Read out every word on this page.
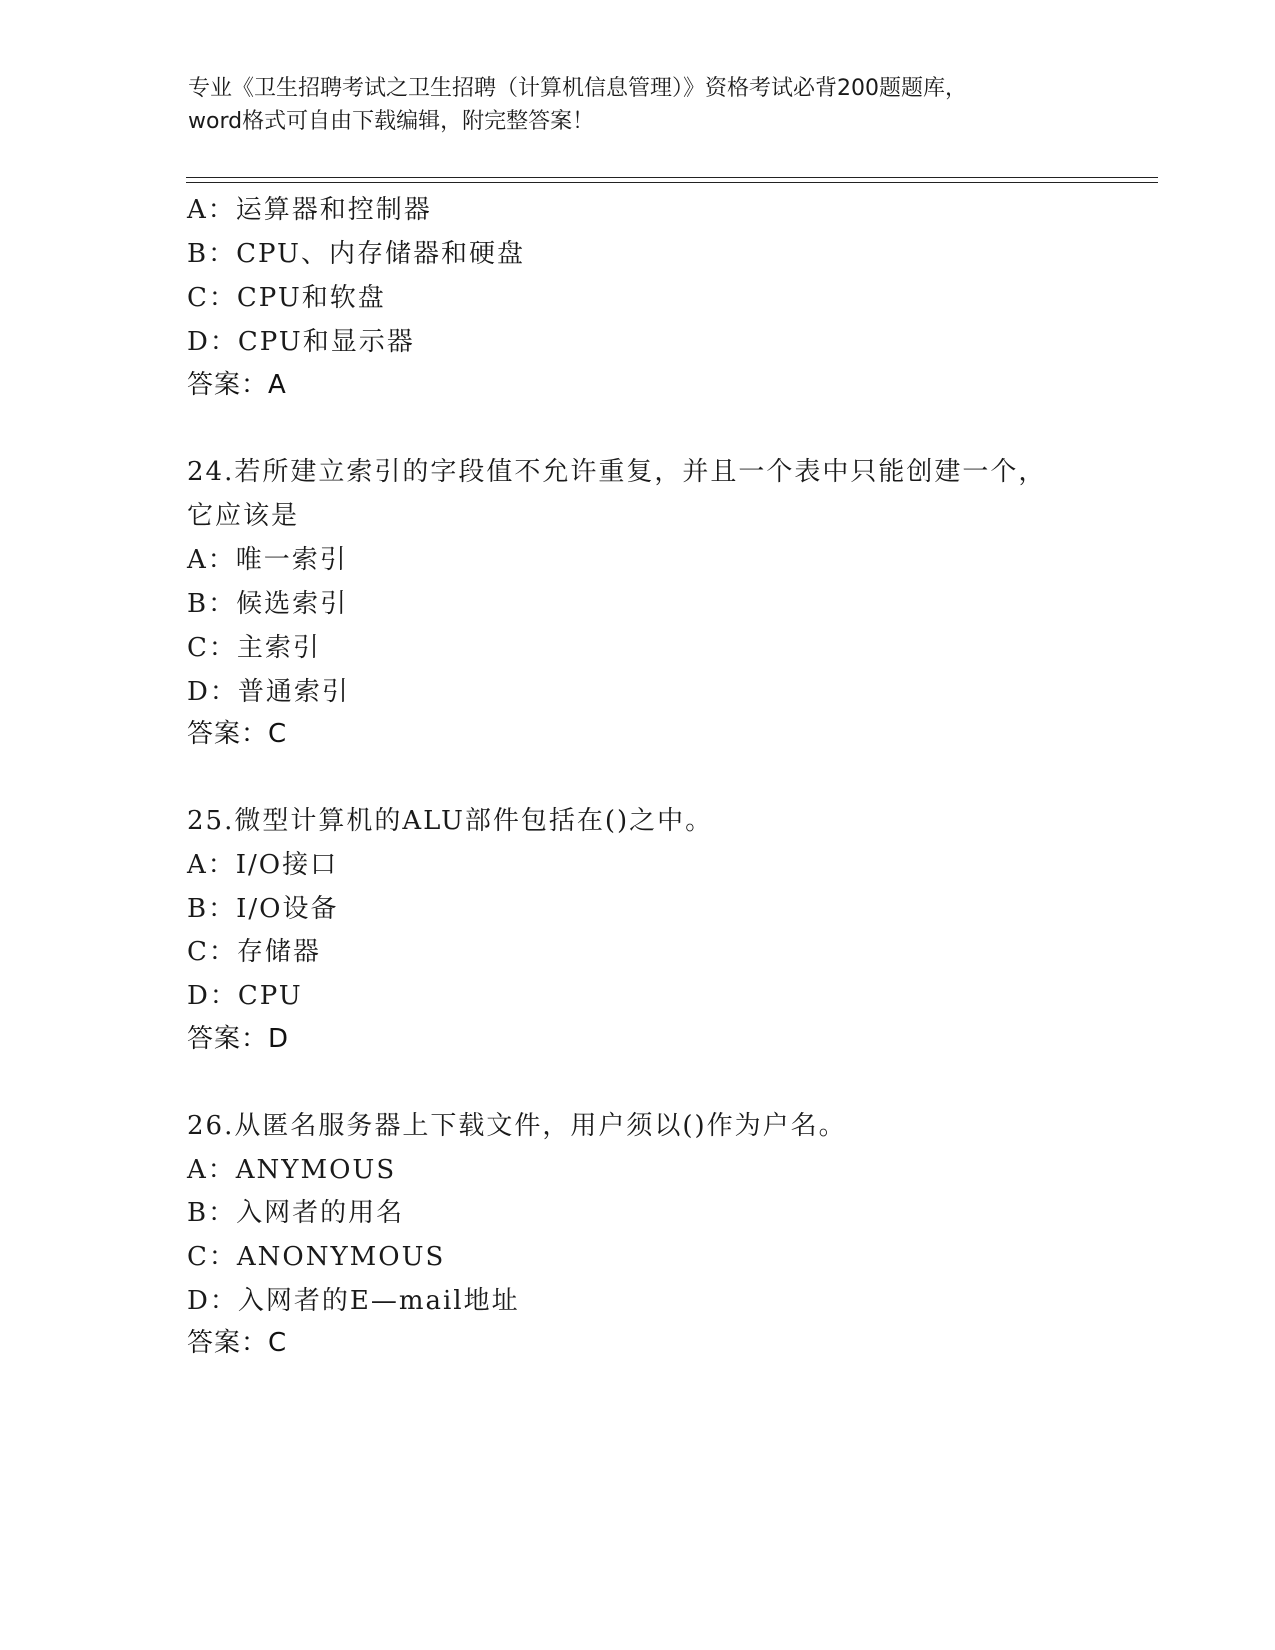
专业《卫生招聘考试之卫生招聘（计算机信息管理）》资格考试必背200题题库，

word格式可自由下载编辑，附完整答案！

A：运算器和控制器

B：CPU、内存储器和硬盘

C：CPU和软盘

D：CPU和显示器

答案：A

24.若所建立索引的字段值不允许重复，并且一个表中只能创建一个，

它应该是

A：唯一索引

B：候选索引

C：主索引

D：普通索引

答案：C

25.微型计算机的ALU部件包括在()之中。

A：I/O接口

B：I/O设备

C：存储器

D：CPU

答案：D

26.从匿名服务器上下载文件，用户须以()作为户名。

A：ANYMOUS

B：入网者的用名

C：ANONYMOUS

D：入网者的E—mail地址

答案：C
